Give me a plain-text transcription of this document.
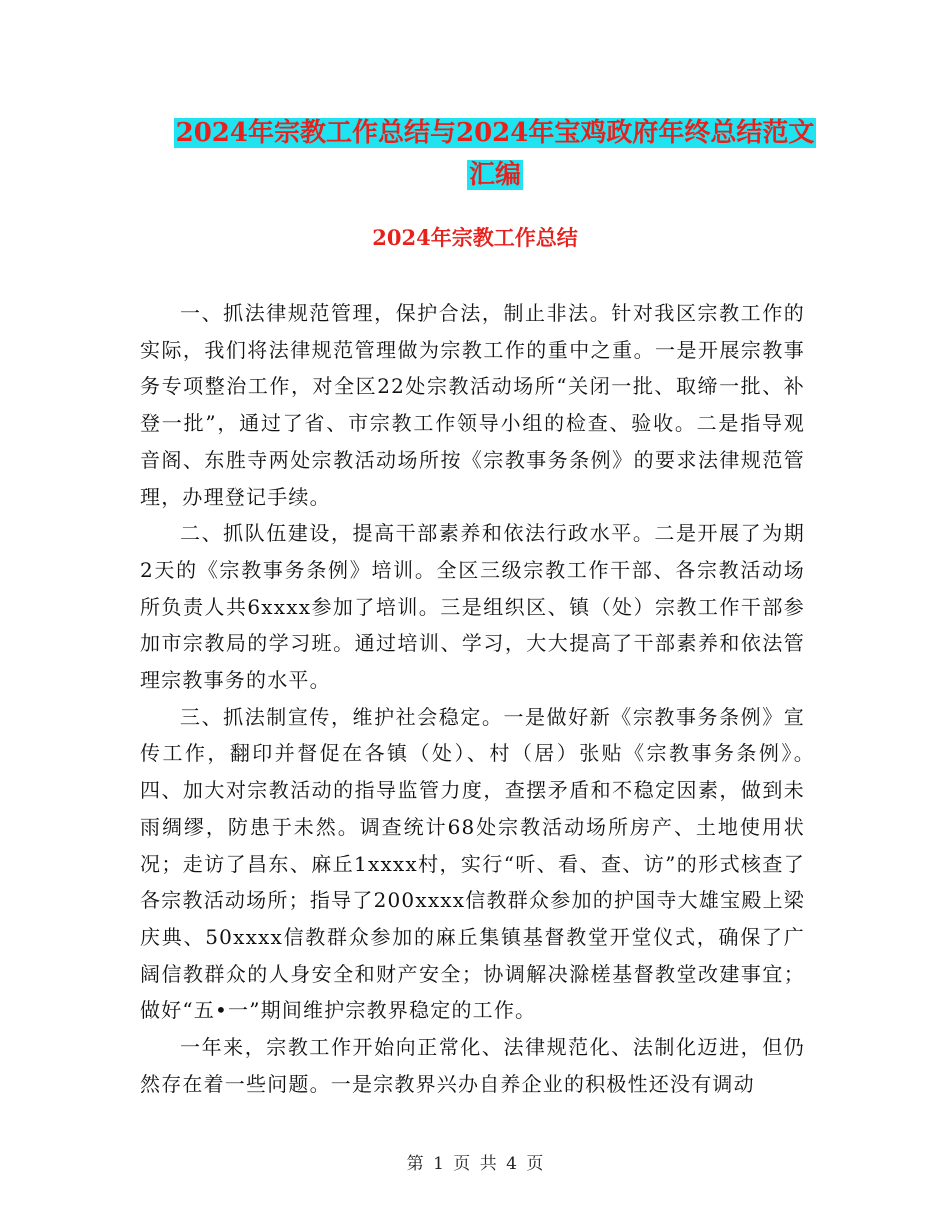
2024年宗教工作总结与2024年宝鸡政府年终总结范文
汇编
2024年宗教工作总结

一、抓法律规范管理，保护合法，制止非法。针对我区宗教工作的实际，我们将法律规范管理做为宗教工作的重中之重。一是开展宗教事务专项整治工作，对全区22处宗教活动场所“关闭一批、取缔一批、补登一批”，通过了省、市宗教工作领导小组的检查、验收。二是指导观音阁、东胜寺两处宗教活动场所按《宗教事务条例》的要求法律规范管理，办理登记手续。

二、抓队伍建设，提高干部素养和依法行政水平。二是开展了为期2天的《宗教事务条例》培训。全区三级宗教工作干部、各宗教活动场所负责人共6xxxx参加了培训。三是组织区、镇（处）宗教工作干部参加市宗教局的学习班。通过培训、学习，大大提高了干部素养和依法管理宗教事务的水平。

三、抓法制宣传，维护社会稳定。一是做好新《宗教事务条例》宣传工作，翻印并督促在各镇（处）、村（居）张贴《宗教事务条例》。　　　　四、加大对宗教活动的指导监管力度，查摆矛盾和不稳定因素，做到未雨绸缪，防患于未然。调查统计68处宗教活动场所房产、土地使用状况；走访了昌东、麻丘1xxxx村，实行“听、看、查、访”的形式核查了各宗教活动场所；指导了200xxxx信教群众参加的护国寺大雄宝殿上梁庆典、50xxxx信教群众参加的麻丘集镇基督教堂开堂仪式，确保了广阔信教群众的人身安全和财产安全；协调解决滁槎基督教堂改建事宜；做好“五•一”期间维护宗教界稳定的工作。

一年来，宗教工作开始向正常化、法律规范化、法制化迈进，但仍然存在着一些问题。一是宗教界兴办自养企业的积极性还没有调动

第 1 页 共 4 页
